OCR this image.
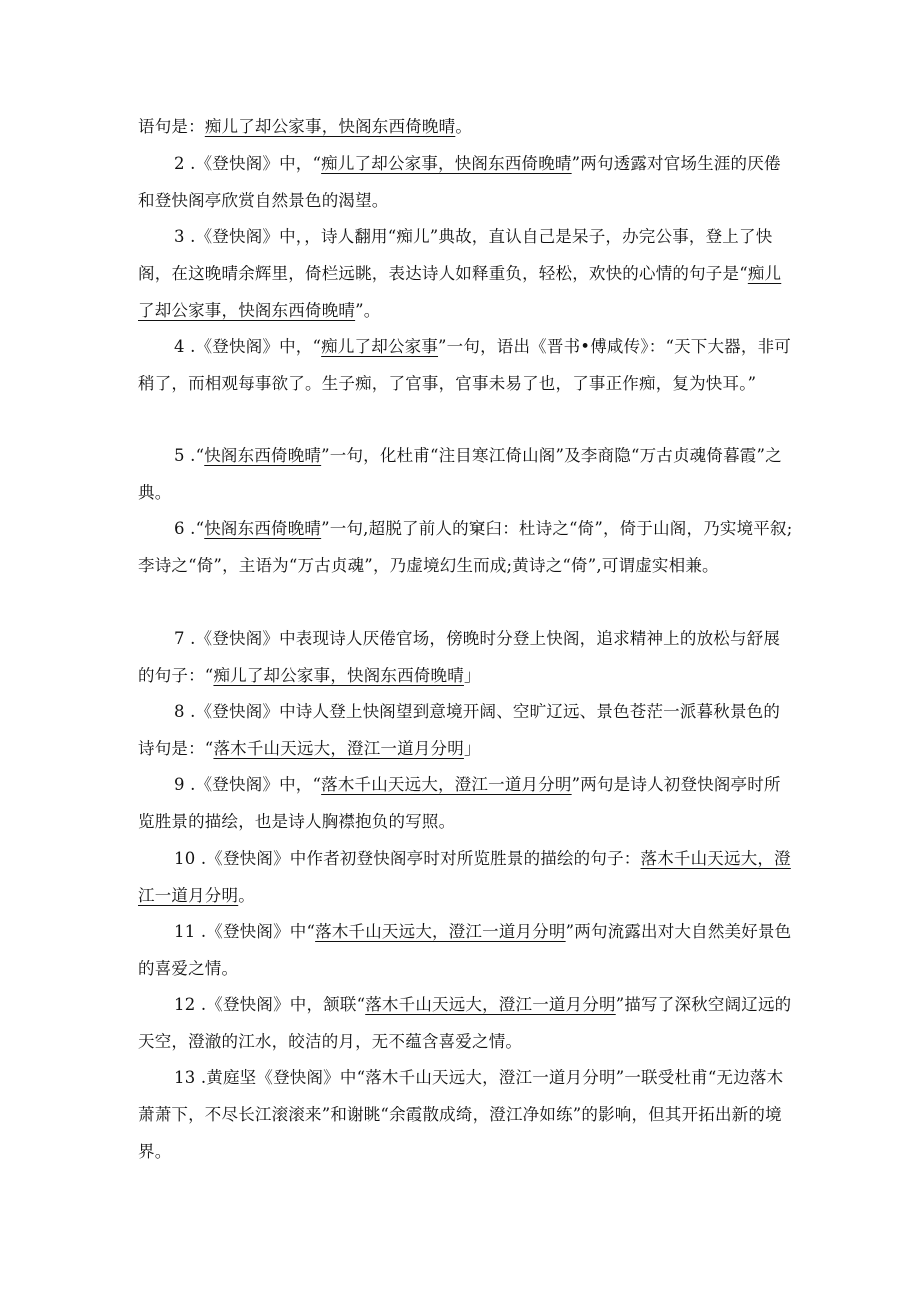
语句是：痴儿了却公家事，快阁东西倚晚晴。

2 .《登快阁》中，“痴儿了却公家事，快阁东西倚晚晴”两句透露对官场生涯的厌倦和登快阁亭欣赏自然景色的渴望。

3 .《登快阁》中，，诗人翻用“痴儿”典故，直认自己是呆子，办完公事，登上了快阁，在这晚晴余辉里，倚栏远眺，表达诗人如释重负，轻松，欢快的心情的句子是“痴儿了却公家事，快阁东西倚晚晴”。

4 .《登快阁》中，“痴儿了却公家事”一句，语出《晋书•傅咸传》：“天下大器，非可稍了，而相观每事欲了。生子痴，了官事，官事未易了也，了事正作痴，复为快耳。”

5 .“快阁东西倚晚晴”一句，化杜甫“注目寒江倚山阁”及李商隐“万古贞魂倚暮霞”之典。

6 .“快阁东西倚晚晴”一句,超脱了前人的窠臼：杜诗之“倚”，倚于山阁，乃实境平叙;李诗之“倚”，主语为“万古贞魂”，乃虚境幻生而成;黄诗之“倚”,可谓虚实相兼。

7 .《登快阁》中表现诗人厌倦官场，傍晚时分登上快阁，追求精神上的放松与舒展的句子：“痴儿了却公家事，快阁东西倚晚晴」

8 .《登快阁》中诗人登上快阁望到意境开阔、空旷辽远、景色苍茫一派暮秋景色的诗句是：“落木千山天远大，澄江一道月分明」

9 .《登快阁》中，“落木千山天远大，澄江一道月分明”两句是诗人初登快阁亭时所览胜景的描绘，也是诗人胸襟抱负的写照。

10 .《登快阁》中作者初登快阁亭时对所览胜景的描绘的句子：落木千山天远大，澄江一道月分明。

11 .《登快阁》中“落木千山天远大，澄江一道月分明”两句流露出对大自然美好景色的喜爱之情。

12 .《登快阁》中，颔联“落木千山天远大，澄江一道月分明”描写了深秋空阔辽远的天空，澄澈的江水，皎洁的月，无不蕴含喜爱之情。

13 .黄庭坚《登快阁》中“落木千山天远大，澄江一道月分明”一联受杜甫“无边落木萧萧下，不尽长江滚滚来”和谢眺“余霞散成绮，澄江净如练”的影响，但其开拓出新的境界。
